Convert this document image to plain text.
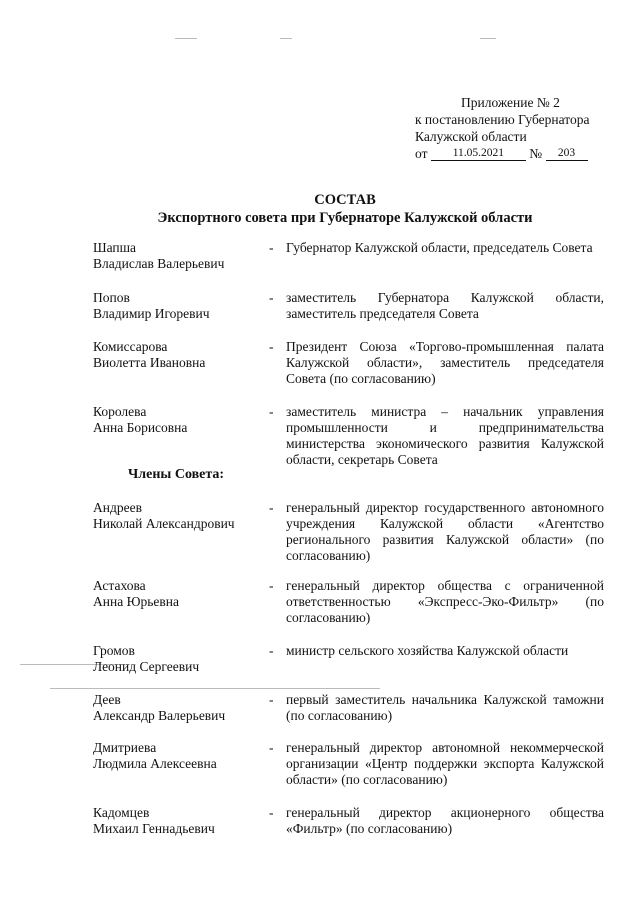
Приложение № 2
к постановлению Губернатора
Калужской области
от 11.05.2021 № 203
СОСТАВ
Экспортного совета при Губернаторе Калужской области
Шапша
Владислав Валерьевич
- Губернатор Калужской области, председатель Совета
Попов
Владимир Игоревич
- заместитель Губернатора Калужской области, заместитель председателя Совета
Комиссарова
Виолетта Ивановна
- Президент Союза «Торгово-промышленная палата Калужской области», заместитель председателя Совета (по согласованию)
Королева
Анна Борисовна
- заместитель министра – начальник управления промышленности и предпринимательства министерства экономического развития Калужской области, секретарь Совета
Члены Совета:
Андреев
Николай Александрович
- генеральный директор государственного автономного учреждения Калужской области «Агентство регионального развития Калужской области» (по согласованию)
Астахова
Анна Юрьевна
- генеральный директор общества с ограниченной ответственностью «Экспресс-Эко-Фильтр» (по согласованию)
Громов
Леонид Сергеевич
- министр сельского хозяйства Калужской области
Деев
Александр Валерьевич
- первый заместитель начальника Калужской таможни (по согласованию)
Дмитриева
Людмила Алексеевна
- генеральный директор автономной некоммерческой организации «Центр поддержки экспорта Калужской области» (по согласованию)
Кадомцев
Михаил Геннадьевич
- генеральный директор акционерного общества «Фильтр» (по согласованию)
